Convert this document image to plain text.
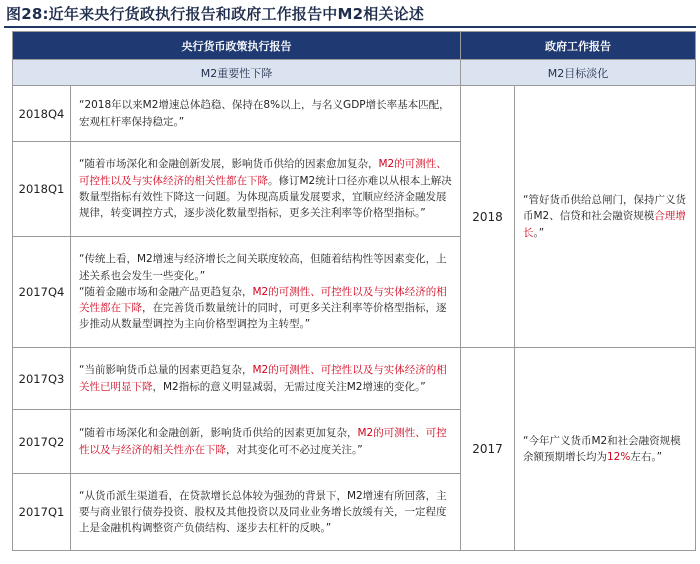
图28:近年来央行货政执行报告和政府工作报告中M2相关论述
央行货币政策执行报告		政府工作报告	
M2重要性下降		M2目标淡化	
2018Q4	“2018年以来M2增速总体趋稳、保持在8%以上，与名义GDP增长率基本匹配，宏观杠杆率保持稳定。”	2018	“管好货币供给总闸门，保持广义货币M2、信贷和社会融资规模合理增长。”

2018Q1	“随着市场深化和金融创新发展，影响货币供给的因素愈加复杂，M2的可测性、可控性以及与实体经济的相关性都在下降。修订M2统计口径亦难以从根本上解决数量型指标有效性下降这一问题。为体现高质量发展要求，宜顺应经济金融发展规律，转变调控方式，逐步淡化数量型指标，更多关注利率等价格型指标。”		

2017Q4	“传统上看，M2增速与经济增长之间关联度较高，但随着结构性等因素变化，上述关系也会发生一些变化。”

“随着金融市场和金融产品更趋复杂，M2的可测性、可控性以及与实体经济的相关性都在下降，在完善货币数量统计的同时，可更多关注利率等价格型指标，逐步推动从数量型调控为主向价格型调控为主转型。”		

2017Q3	“当前影响货币总量的因素更趋复杂，M2的可测性、可控性以及与实体经济的相关性已明显下降，M2指标的意义明显减弱，无需过度关注M2增速的变化。”	2017	“今年广义货币M2和社会融资规模余额预期增长均为12%左右。”

2017Q2	“随着市场深化和金融创新，影响货币供给的因素更加复杂，M2的可测性、可控性以及与经济的相关性亦在下降，对其变化可不必过度关注。”		

2017Q1	“从货币派生渠道看，在贷款增长总体较为强劲的背景下，M2增速有所回落，主要与商业银行债券投资、股权及其他投资以及同业业务增长放缓有关，一定程度上是金融机构调整资产负债结构、逐步去杠杆的反映。”		
